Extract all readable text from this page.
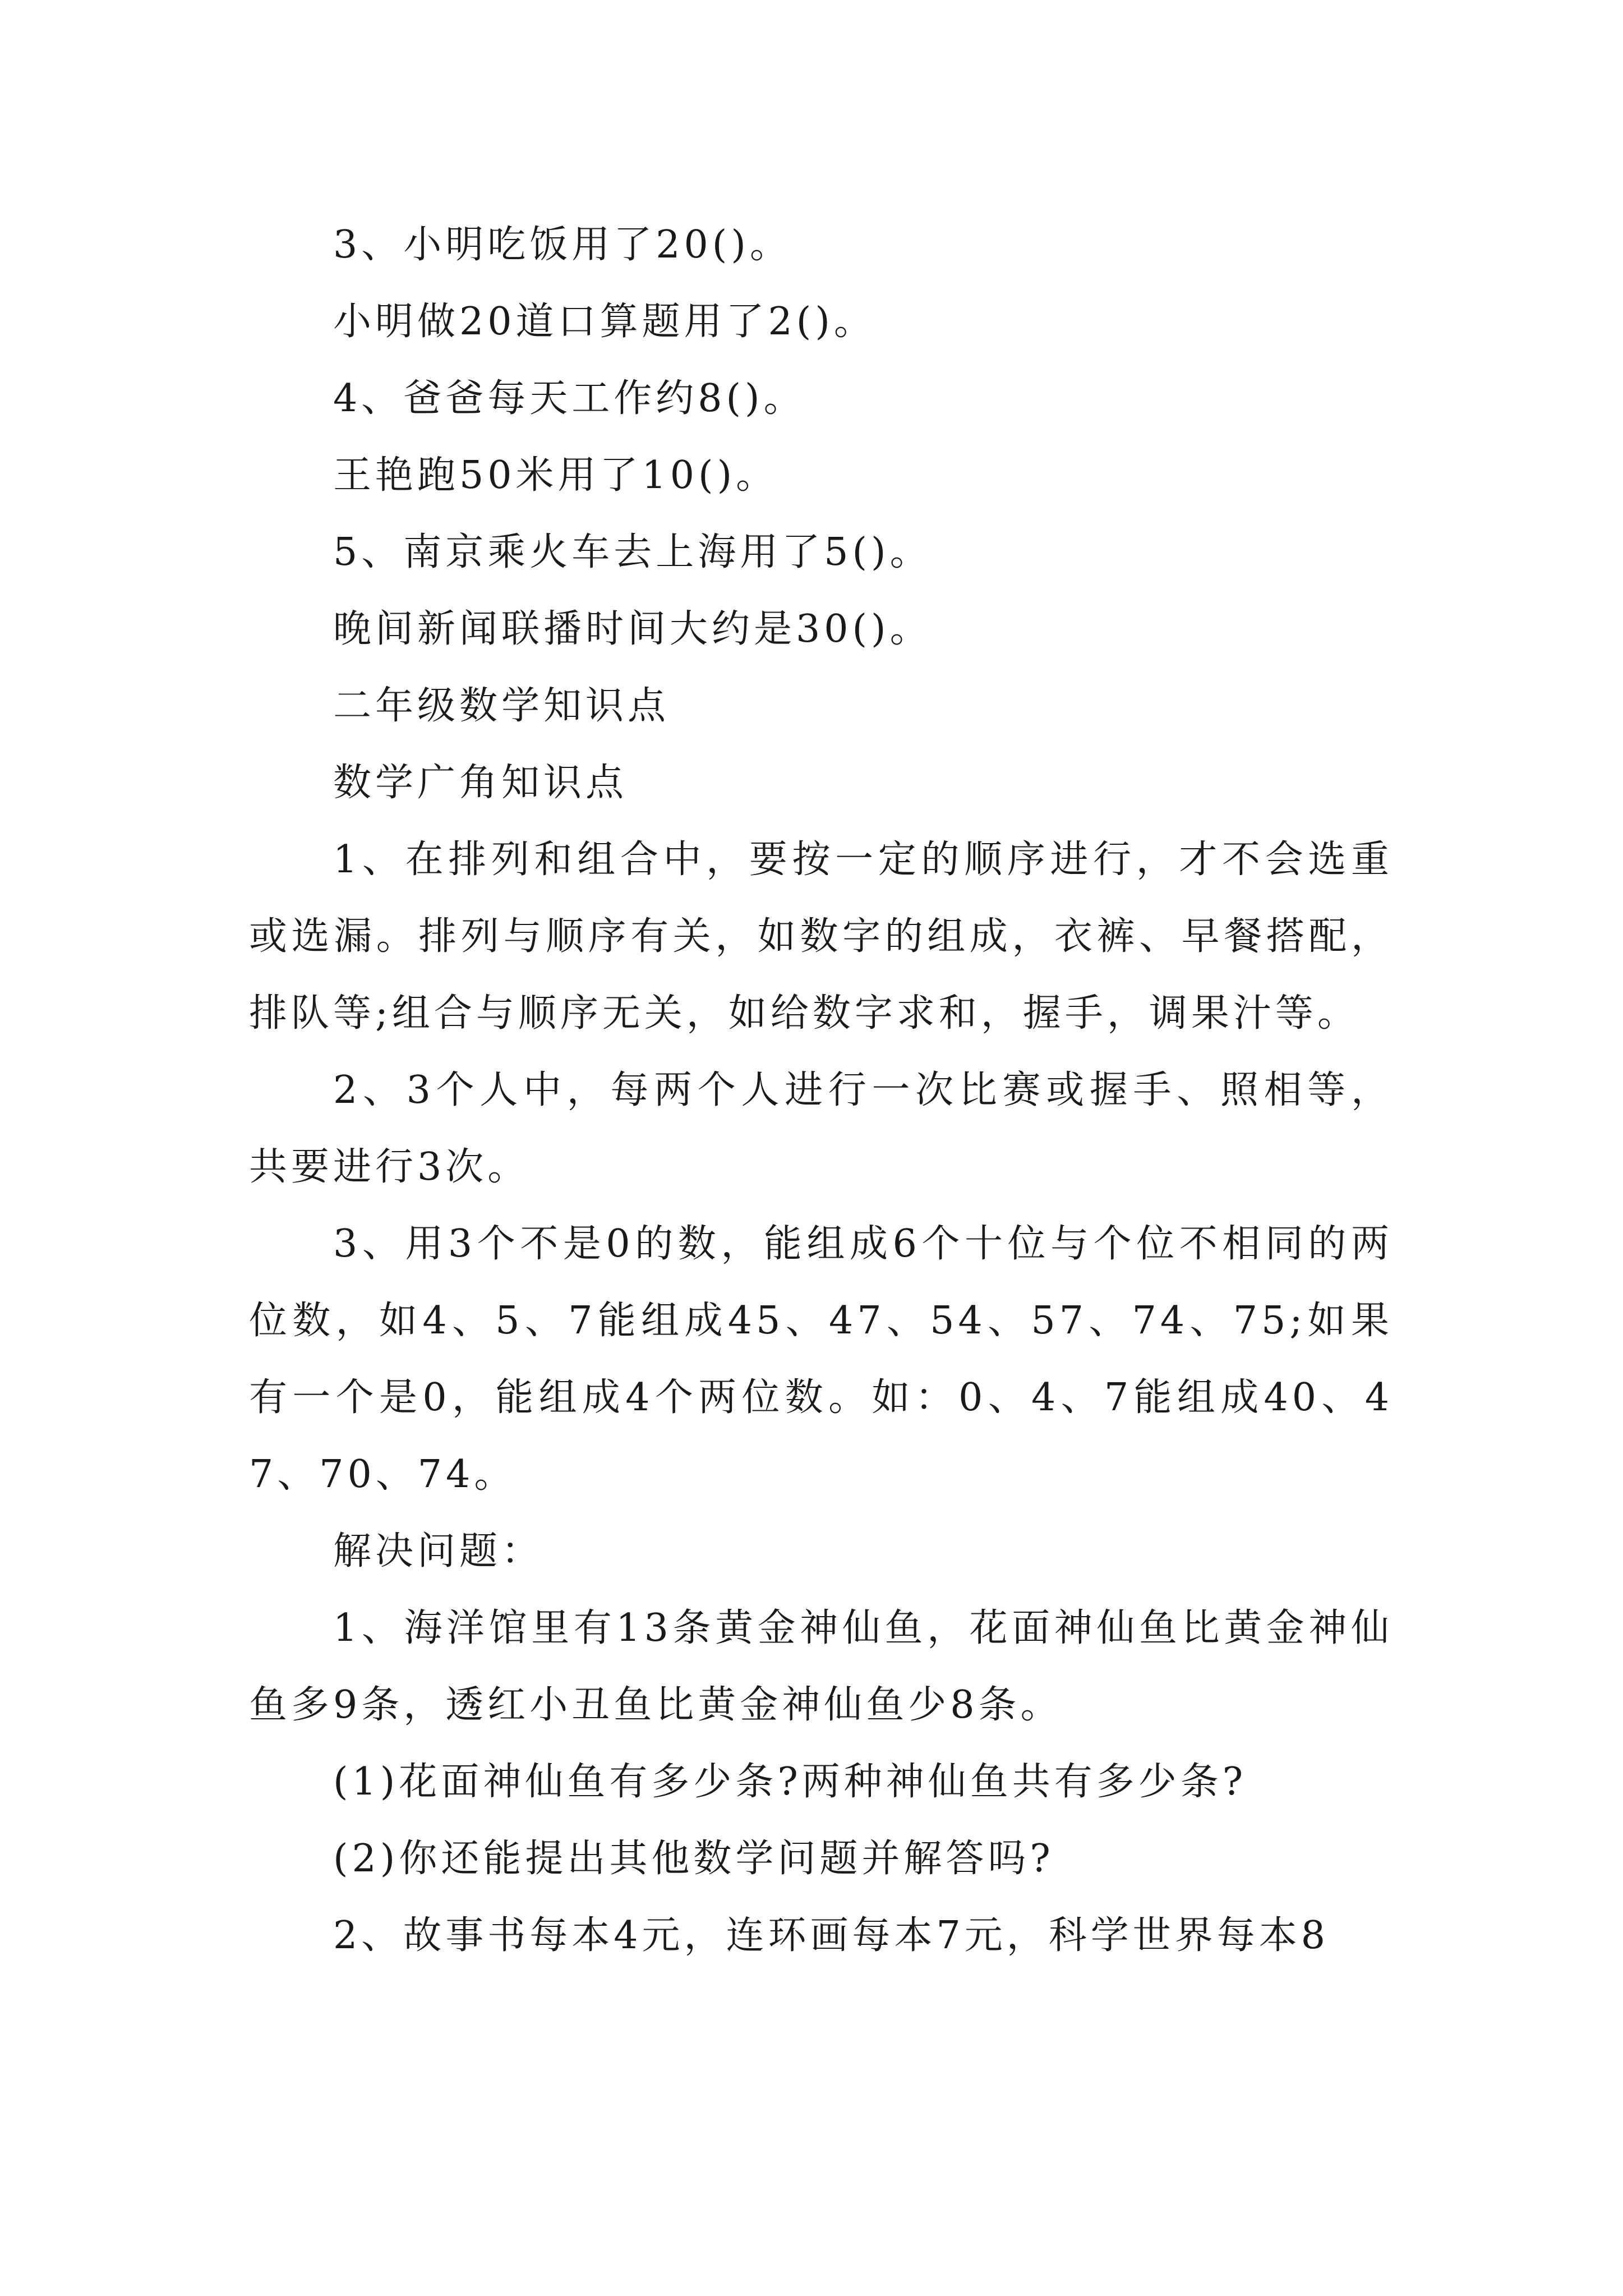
3、小明吃饭用了20()。

小明做20道口算题用了2()。

4、爸爸每天工作约8()。

王艳跑50米用了10()。

5、南京乘火车去上海用了5()。

晚间新闻联播时间大约是30()。

二年级数学知识点

数学广角知识点

1、在排列和组合中，要按一定的顺序进行，才不会选重或选漏。排列与顺序有关，如数字的组成，衣裤、早餐搭配，排队等;组合与顺序无关，如给数字求和，握手，调果汁等。

2、3个人中，每两个人进行一次比赛或握手、照相等，共要进行3次。

3、用3个不是0的数，能组成6个十位与个位不相同的两位数，如4、5、7能组成45、47、54、57、74、75;如果有一个是0，能组成4个两位数。如：0、4、7能组成40、47、70、74。

解决问题：

1、海洋馆里有13条黄金神仙鱼，花面神仙鱼比黄金神仙鱼多9条，透红小丑鱼比黄金神仙鱼少8条。

(1)花面神仙鱼有多少条?两种神仙鱼共有多少条?

(2)你还能提出其他数学问题并解答吗?

2、故事书每本4元，连环画每本7元，科学世界每本8
